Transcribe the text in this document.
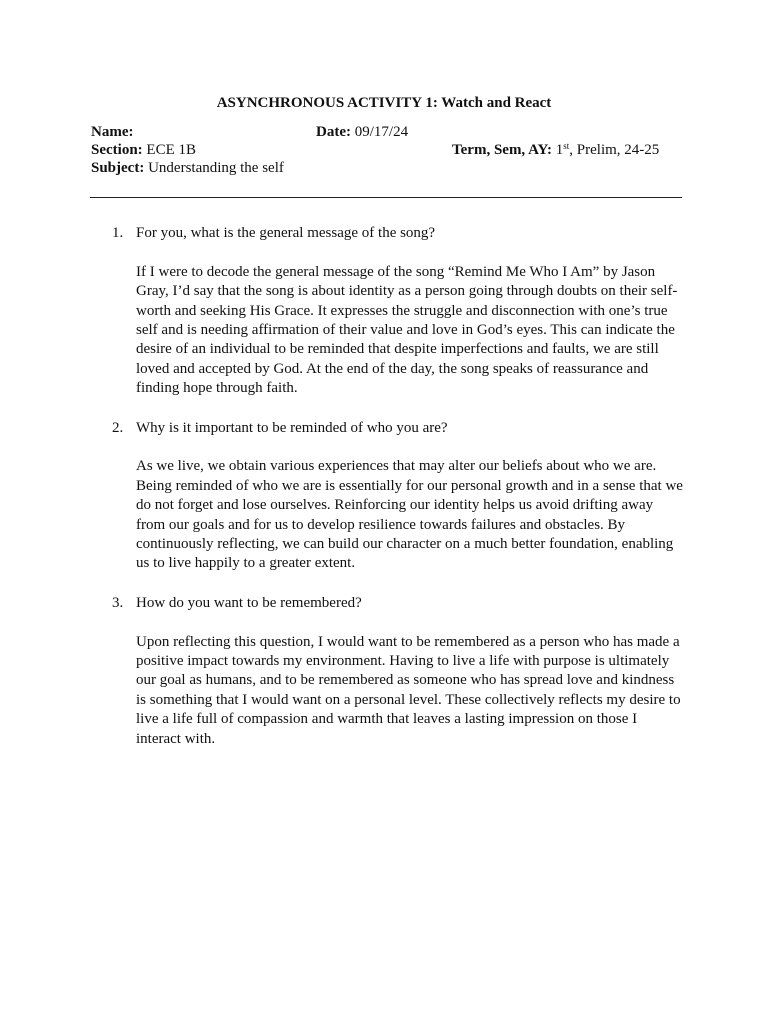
ASYNCHRONOUS ACTIVITY 1: Watch and React
Name:	Date: 09/17/24
Section: ECE 1B	Term, Sem, AY: 1st, Prelim, 24-25
Subject: Understanding the self
1. For you, what is the general message of the song?
If I were to decode the general message of the song “Remind Me Who I Am” by Jason Gray, I’d say that the song is about identity as a person going through doubts on their self-worth and seeking His Grace. It expresses the struggle and disconnection with one’s true self and is needing affirmation of their value and love in God’s eyes. This can indicate the desire of an individual to be reminded that despite imperfections and faults, we are still loved and accepted by God. At the end of the day, the song speaks of reassurance and finding hope through faith.
2. Why is it important to be reminded of who you are?
As we live, we obtain various experiences that may alter our beliefs about who we are. Being reminded of who we are is essentially for our personal growth and in a sense that we do not forget and lose ourselves. Reinforcing our identity helps us avoid drifting away from our goals and for us to develop resilience towards failures and obstacles. By continuously reflecting, we can build our character on a much better foundation, enabling us to live happily to a greater extent.
3. How do you want to be remembered?
Upon reflecting this question, I would want to be remembered as a person who has made a positive impact towards my environment. Having to live a life with purpose is ultimately our goal as humans, and to be remembered as someone who has spread love and kindness is something that I would want on a personal level. These collectively reflects my desire to live a life full of compassion and warmth that leaves a lasting impression on those I interact with.
